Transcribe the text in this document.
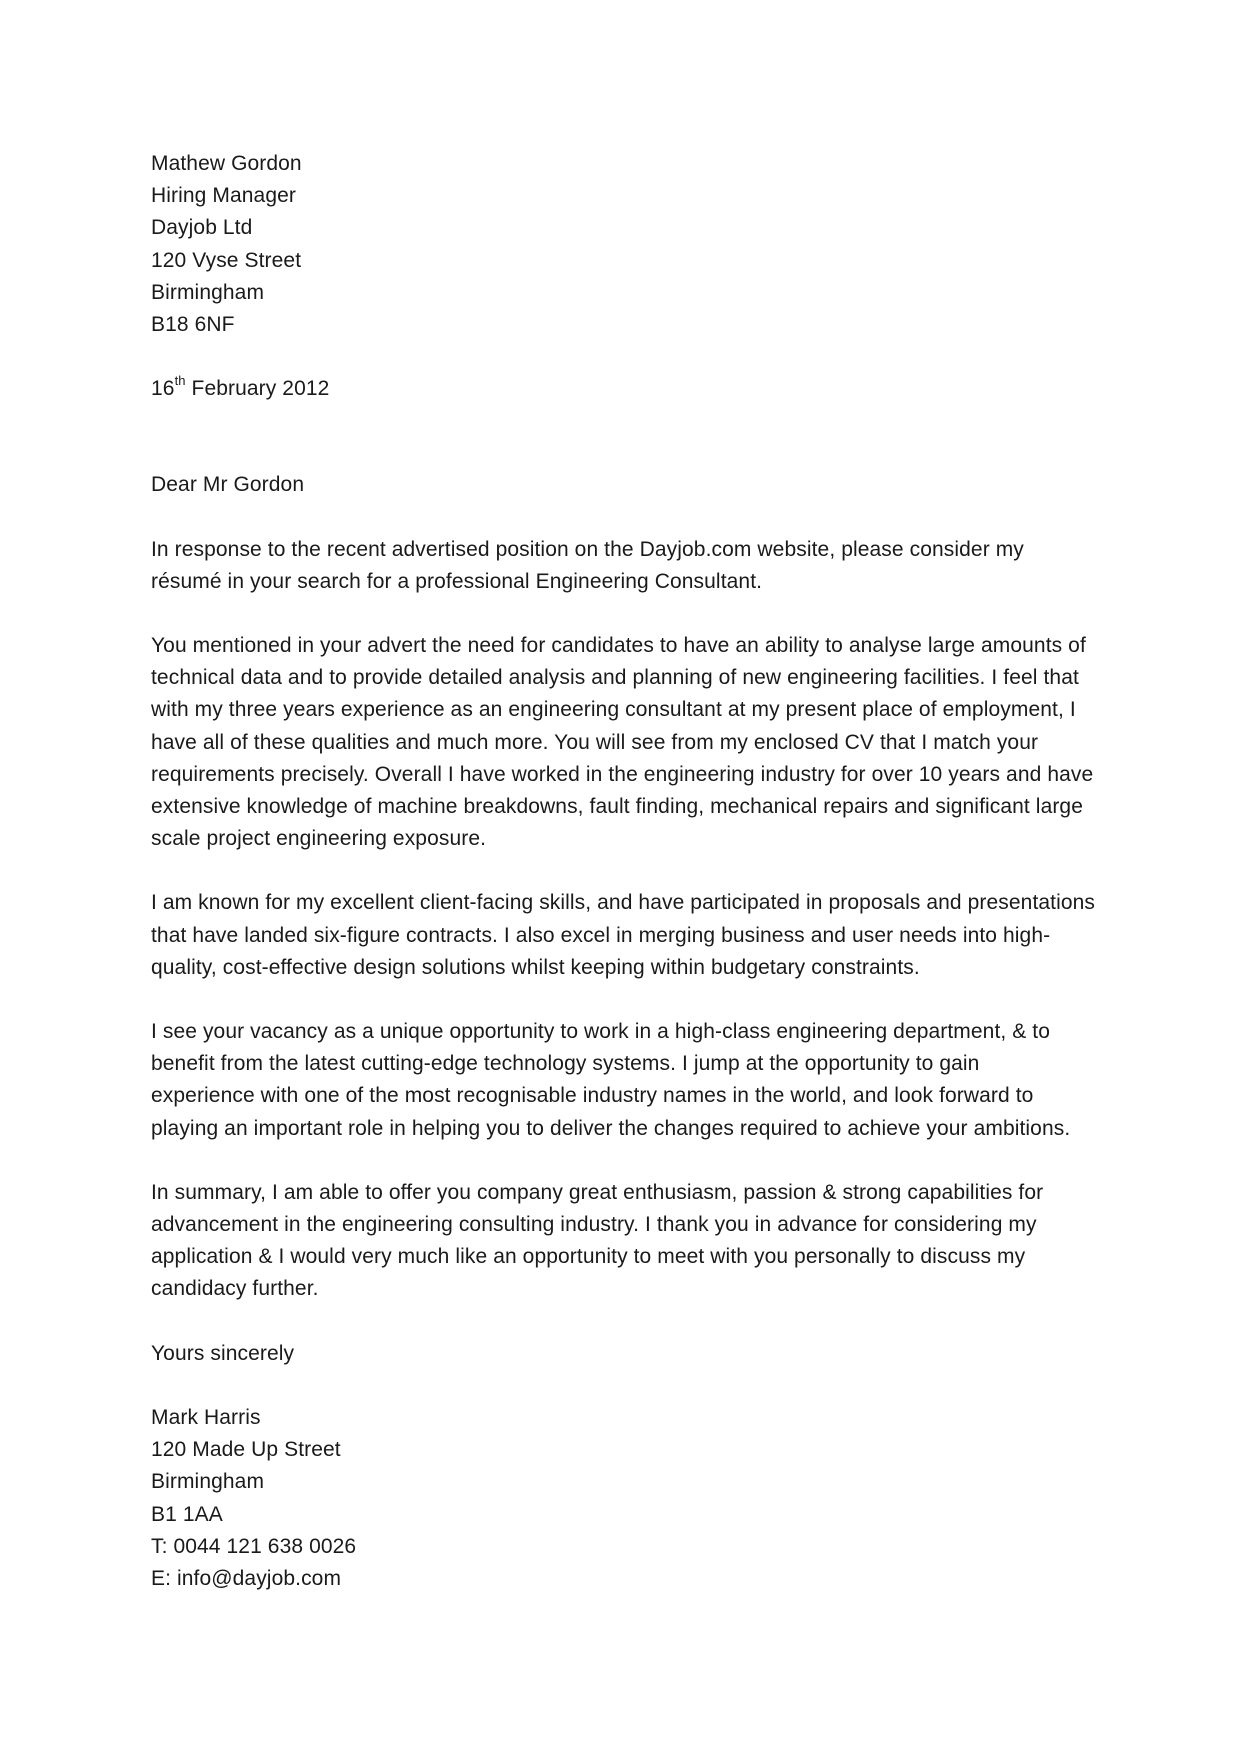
Mathew Gordon
Hiring Manager
Dayjob Ltd
120 Vyse Street
Birmingham
B18 6NF
16th February 2012
Dear Mr Gordon
In response to the recent advertised position on the Dayjob.com website, please consider my
résumé in your search for a professional Engineering Consultant.
You mentioned in your advert the need for candidates to have an ability to analyse large amounts of
technical data and to provide detailed analysis and planning of new engineering facilities. I feel that
with my three years experience as an engineering consultant at my present place of employment, I
have all of these qualities and much more. You will see from my enclosed CV that I match your
requirements precisely. Overall I have worked in the engineering industry for over 10 years and have
extensive knowledge of machine breakdowns, fault finding, mechanical repairs and significant large
scale project engineering exposure.
I am known for my excellent client-facing skills, and have participated in proposals and presentations
that have landed six-figure contracts. I also excel in merging business and user needs into high-
quality, cost-effective design solutions whilst keeping within budgetary constraints.
I see your vacancy as a unique opportunity to work in a high-class engineering department, & to
benefit from the latest cutting-edge technology systems. I jump at the opportunity to gain
experience with one of the most recognisable industry names in the world, and look forward to
playing an important role in helping you to deliver the changes required to achieve your ambitions.
In summary, I am able to offer you company great enthusiasm, passion & strong capabilities for
advancement in the engineering consulting industry. I thank you in advance for considering my
application & I would very much like an opportunity to meet with you personally to discuss my
candidacy further.
Yours sincerely
Mark Harris
120 Made Up Street
Birmingham
B1 1AA
T: 0044 121 638 0026
E: info@dayjob.com
